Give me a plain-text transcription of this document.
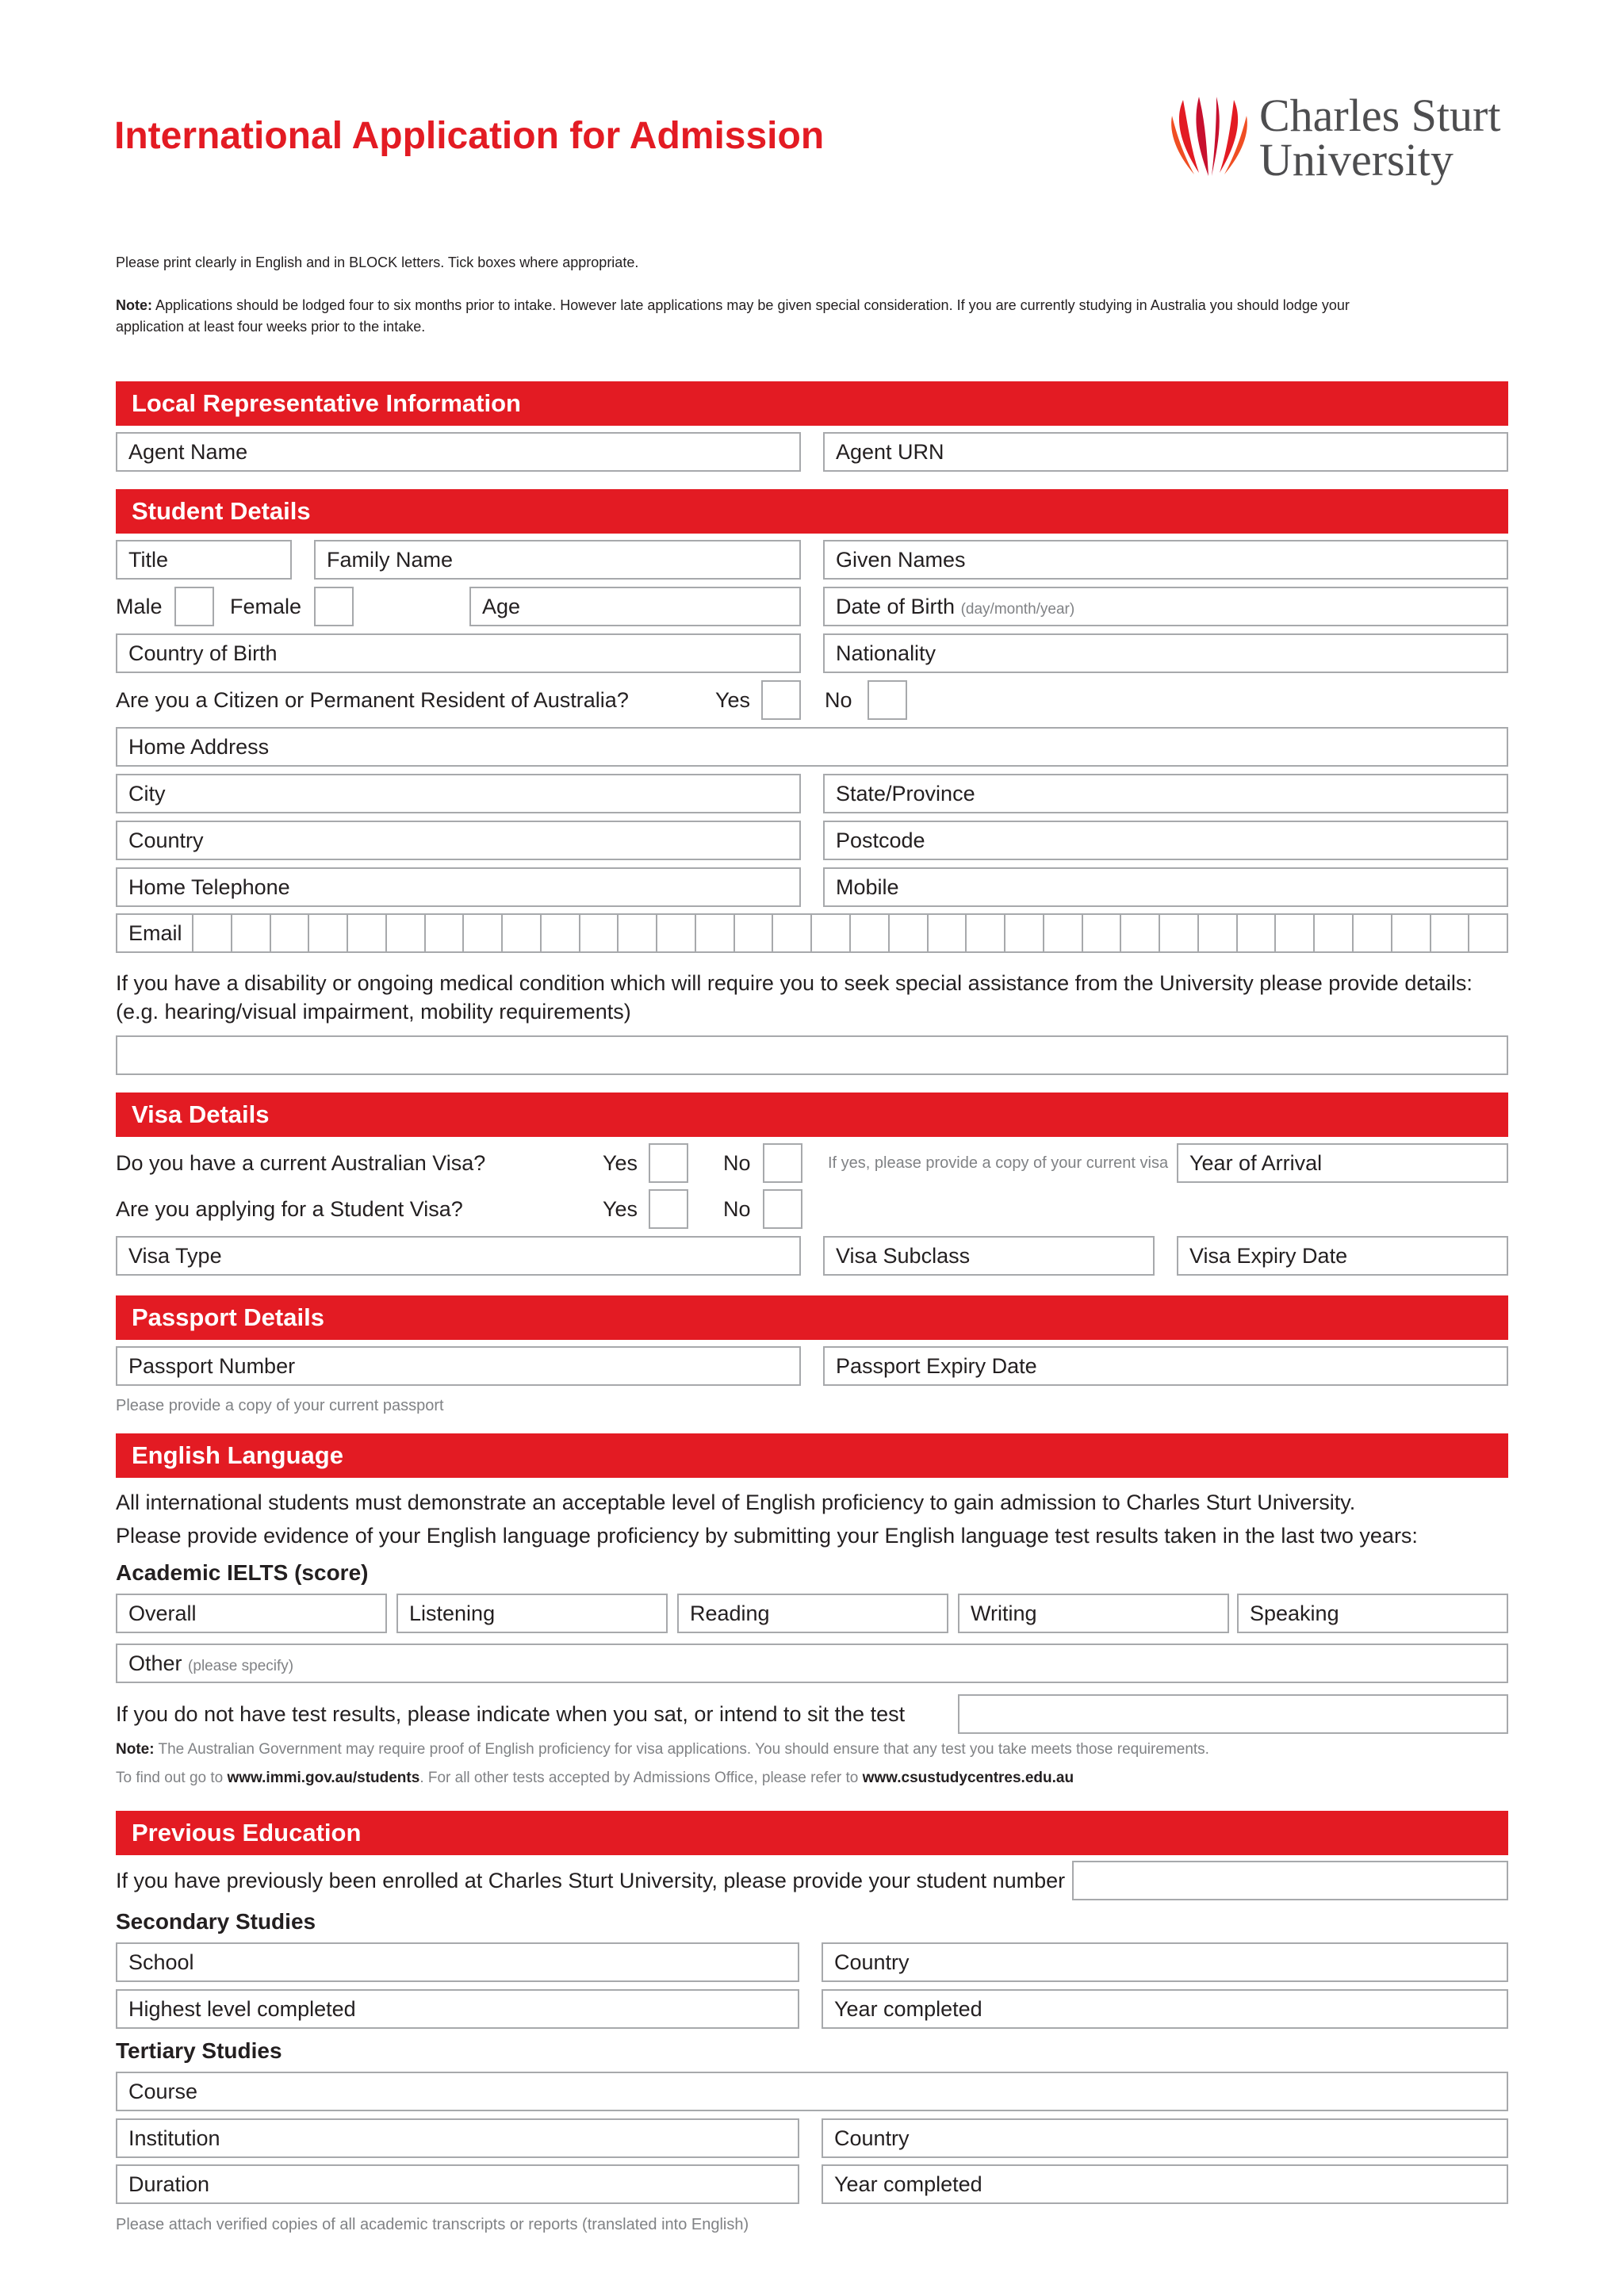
International Application for Admission	Charles Sturt
University
Please print clearly in English and in BLOCK letters. Tick boxes where appropriate.
Note: Applications should be lodged four to six months prior to intake. However late applications may be given special consideration. If you are currently studying in Australia you should lodge your
application at least four weeks prior to the intake.
Local Representative Information
Agent Name	Agent URN
Student Details
Title	Family Name	Given Names
Male	Female	Age	Date of Birth (day/month/year)
Country of Birth	Nationality
Are you a Citizen or Permanent Resident of Australia?	Yes	No
Home Address
City	State/Province
Country	Postcode
Home Telephone	Mobile
Email
If you have a disability or ongoing medical condition which will require you to seek special assistance from the University please provide details:
(e.g. hearing/visual impairment, mobility requirements)
Visa Details
Do you have a current Australian Visa?	Yes	No	If yes, please provide a copy of your current visa Year of Arrival
Are you applying for a Student Visa?	Yes	No
Visa Type	Visa Subclass	Visa Expiry Date
Passport Details
Passport Number	Passport Expiry Date
Please provide a copy of your current passport
English Language
All international students must demonstrate an acceptable level of English proficiency to gain admission to Charles Sturt University.
Please provide evidence of your English language proficiency by submitting your English language test results taken in the last two years:
Academic IELTS (score)
Overall	Listening	Reading	Writing	Speaking
Other (please specify)
If you do not have test results, please indicate when you sat, or intend to sit the test
Note: The Australian Government may require proof of English proficiency for visa applications. You should ensure that any test you take meets those requirements.
To find out go to www.immi.gov.au/students. For all other tests accepted by Admissions Office, please refer to www.csustudycentres.edu.au
Previous Education
If you have previously been enrolled at Charles Sturt University, please provide your student number
Secondary Studies
School	Country
Highest level completed	Year completed
Tertiary Studies
Course
Institution	Country
Duration	Year completed
Please attach verified copies of all academic transcripts or reports (translated into English)
